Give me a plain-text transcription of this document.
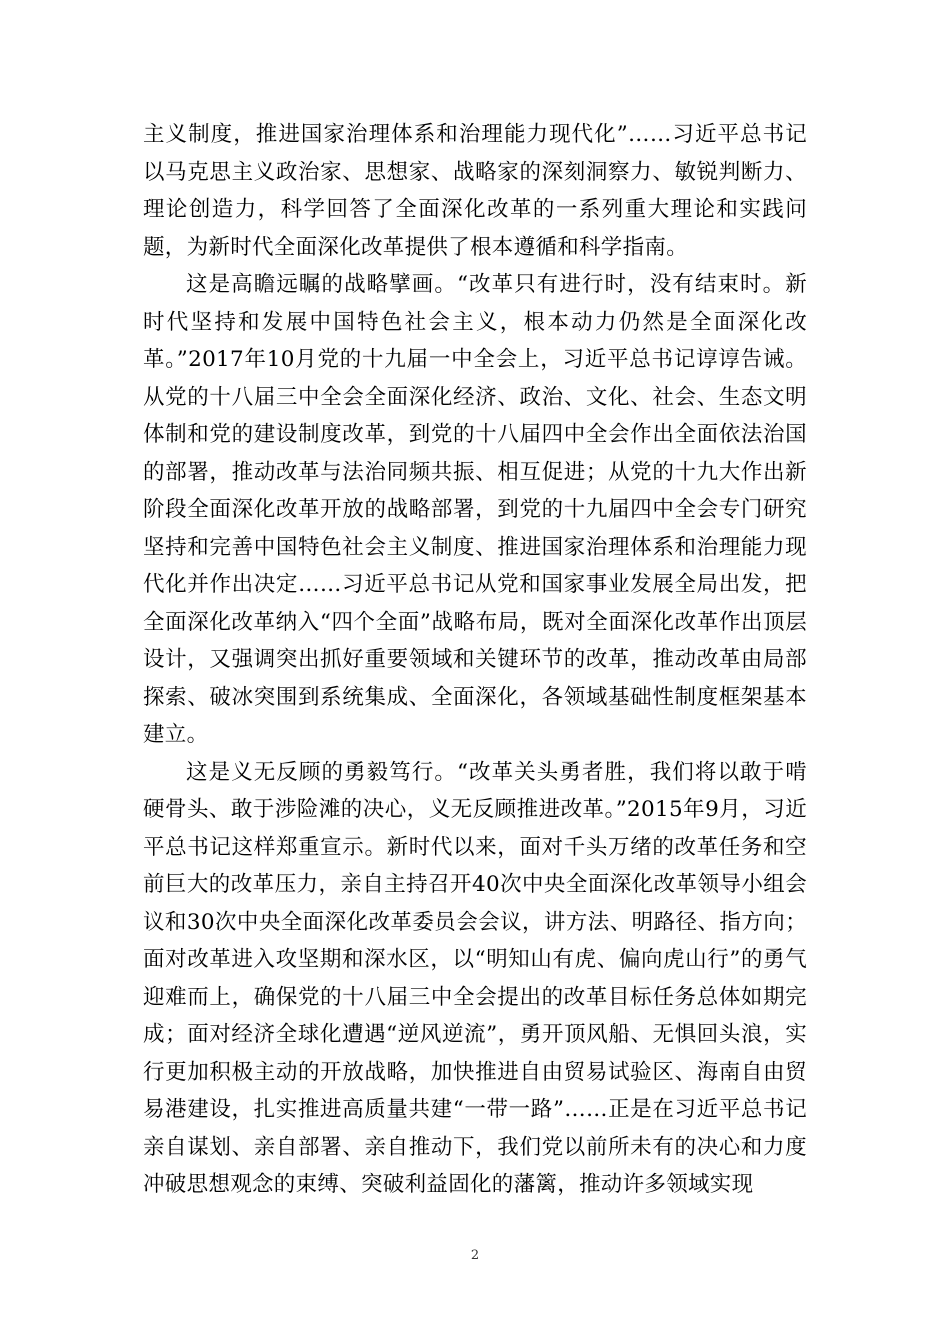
主义制度，推进国家治理体系和治理能力现代化”……习近平总书记以马克思主义政治家、思想家、战略家的深刻洞察力、敏锐判断力、理论创造力，科学回答了全面深化改革的一系列重大理论和实践问题，为新时代全面深化改革提供了根本遵循和科学指南。

这是高瞻远瞩的战略擘画。“改革只有进行时，没有结束时。新时代坚持和发展中国特色社会主义，根本动力仍然是全面深化改革。”2017年10月党的十九届一中全会上，习近平总书记谆谆告诫。从党的十八届三中全会全面深化经济、政治、文化、社会、生态文明体制和党的建设制度改革，到党的十八届四中全会作出全面依法治国的部署，推动改革与法治同频共振、相互促进；从党的十九大作出新阶段全面深化改革开放的战略部署，到党的十九届四中全会专门研究坚持和完善中国特色社会主义制度、推进国家治理体系和治理能力现代化并作出决定……习近平总书记从党和国家事业发展全局出发，把全面深化改革纳入“四个全面”战略布局，既对全面深化改革作出顶层设计，又强调突出抓好重要领域和关键环节的改革，推动改革由局部探索、破冰突围到系统集成、全面深化，各领域基础性制度框架基本建立。

这是义无反顾的勇毅笃行。“改革关头勇者胜，我们将以敢于啃硬骨头、敢于涉险滩的决心，义无反顾推进改革。”2015年9月，习近平总书记这样郑重宣示。新时代以来，面对千头万绪的改革任务和空前巨大的改革压力，亲自主持召开40次中央全面深化改革领导小组会议和30次中央全面深化改革委员会会议，讲方法、明路径、指方向；面对改革进入攻坚期和深水区，以“明知山有虎、偏向虎山行”的勇气迎难而上，确保党的十八届三中全会提出的改革目标任务总体如期完成；面对经济全球化遭遇“逆风逆流”，勇开顶风船、无惧回头浪，实行更加积极主动的开放战略，加快推进自由贸易试验区、海南自由贸易港建设，扎实推进高质量共建“一带一路”……正是在习近平总书记亲自谋划、亲自部署、亲自推动下，我们党以前所未有的决心和力度冲破思想观念的束缚、突破利益固化的藩篱，推动许多领域实现

2
